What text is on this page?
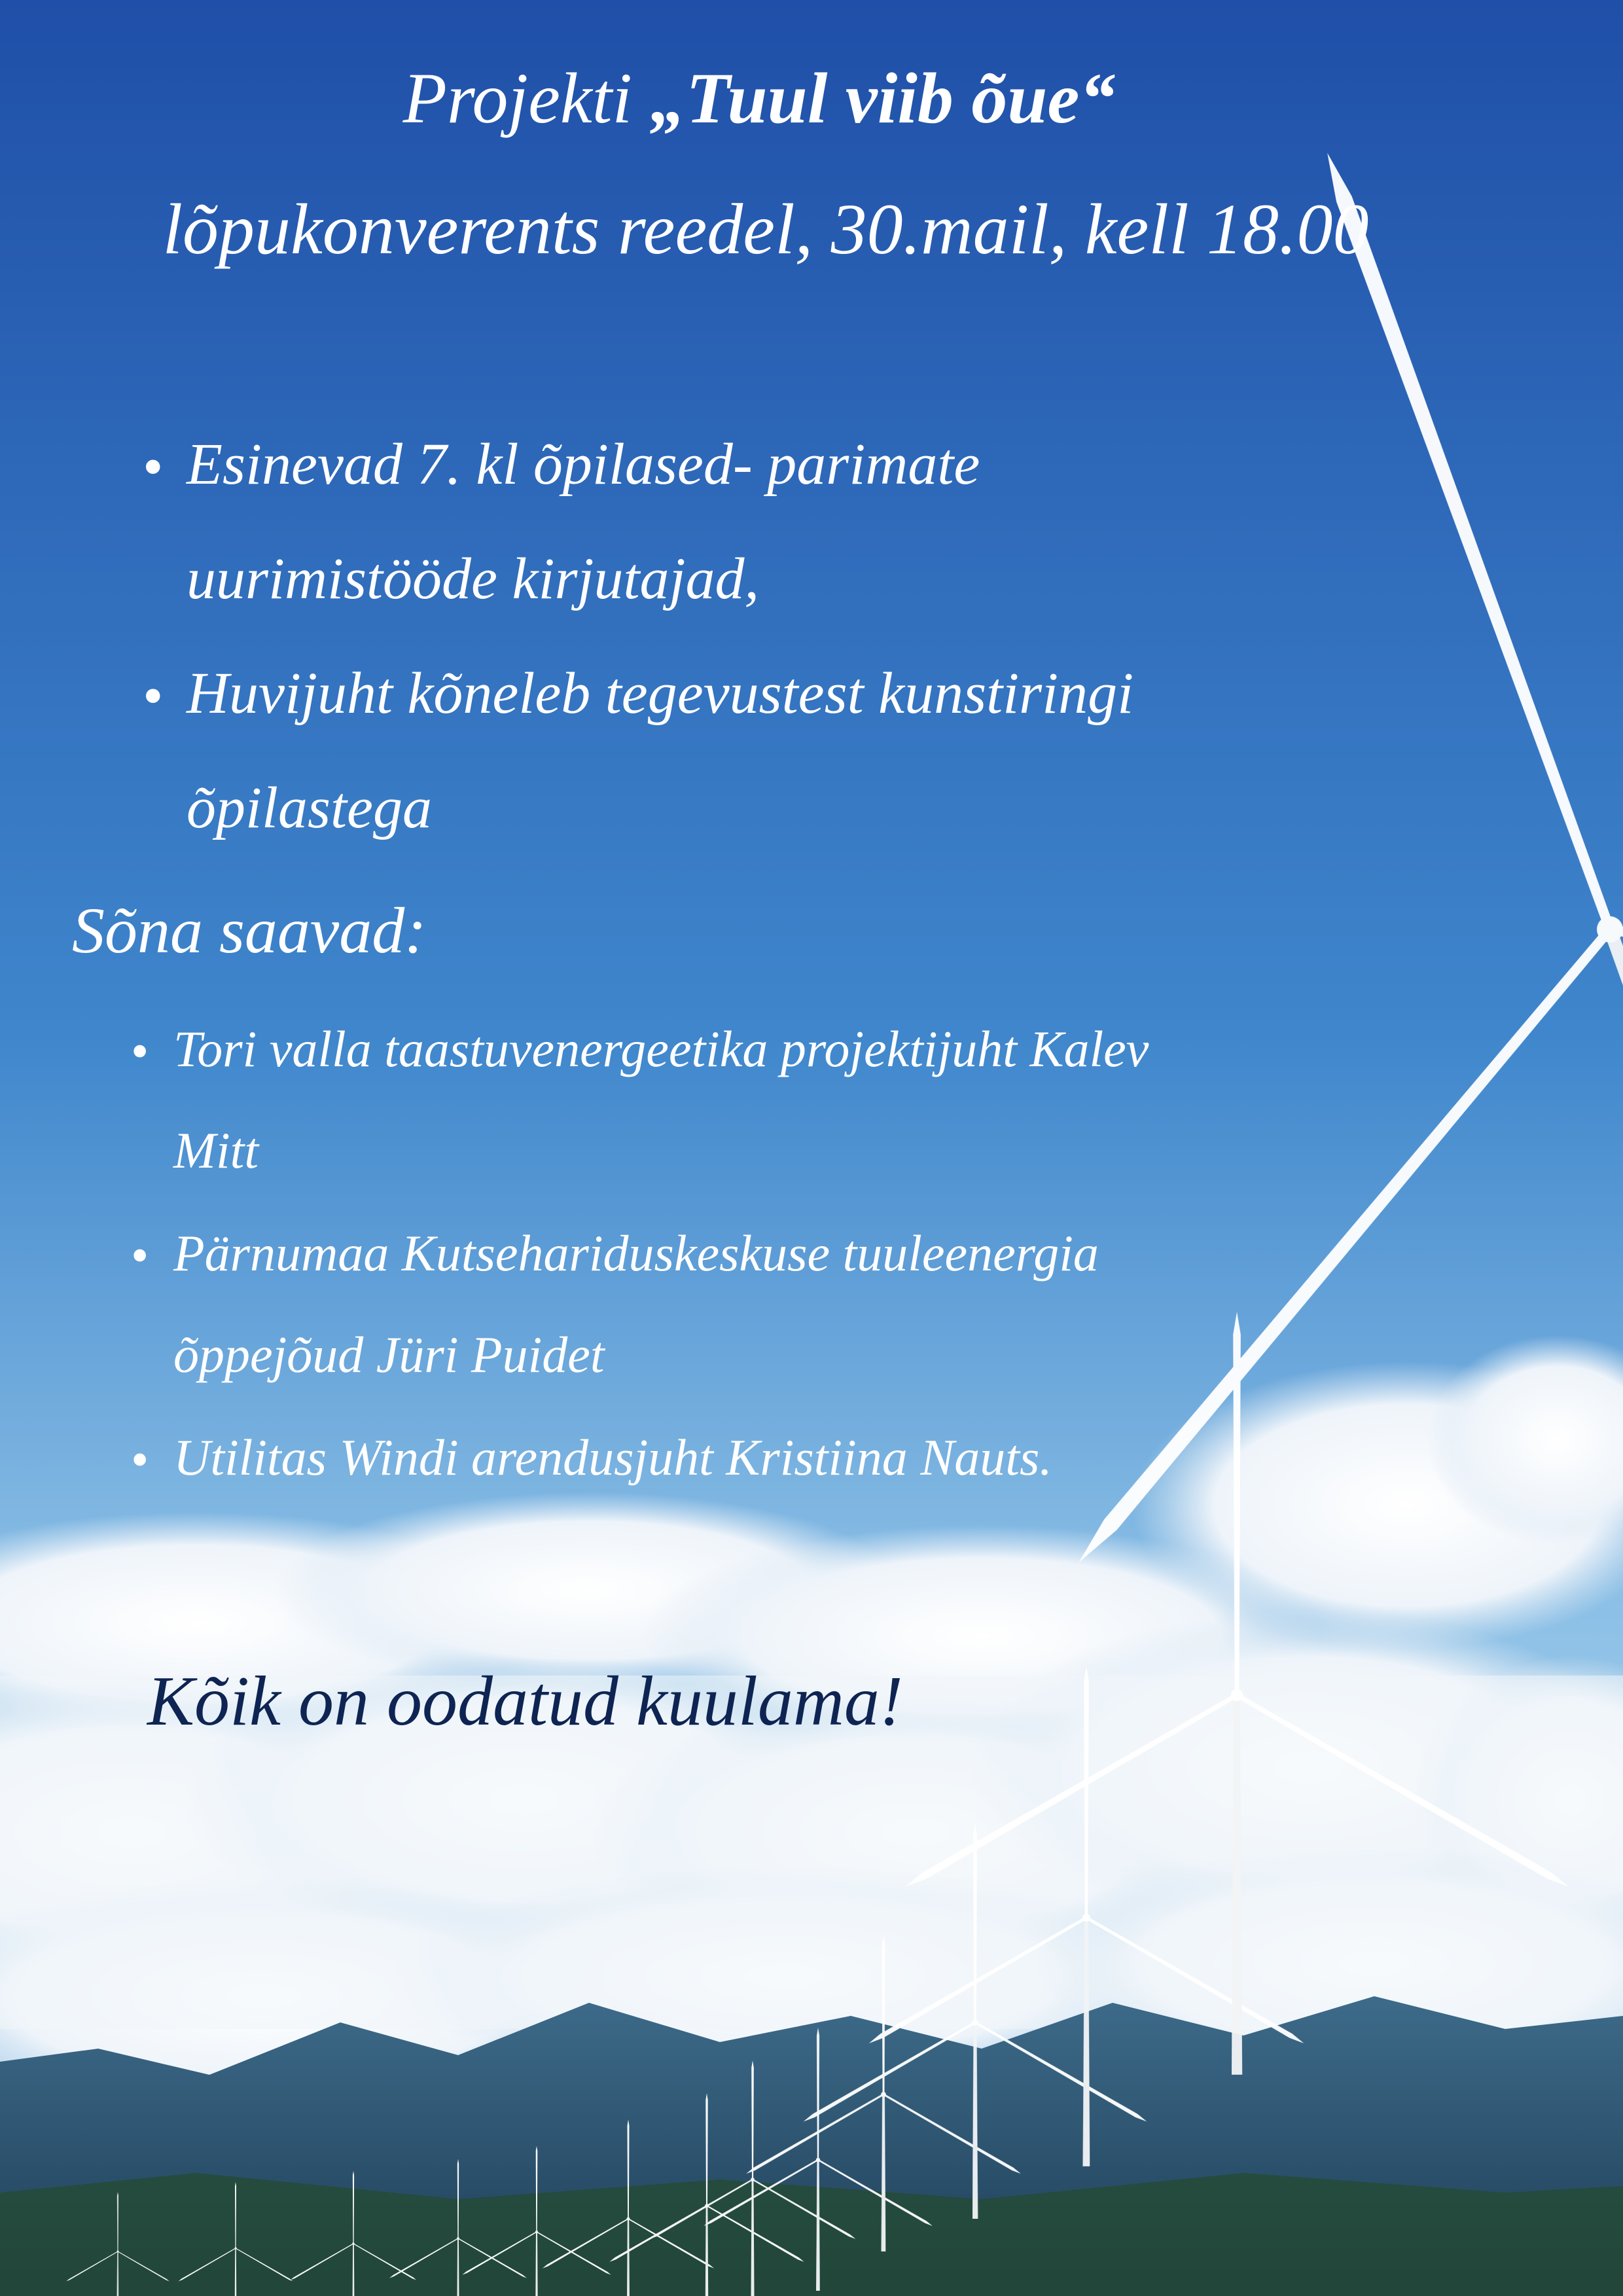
Projekti „Tuul viib õue“

lõpukonverents reedel, 30.mail, kell 18.00

• Esinevad 7. kl õpilased- parimate

uurimistööde kirjutajad,

• Huvijuht kõneleb tegevustest kunstiringi

õpilastega

Sõna saavad:

• Tori valla taastuvenergeetika projektijuht Kalev

Mitt

• Pärnumaa Kutsehariduskeskuse tuuleenergia

õppejõud Jüri Puidet

• Utilitas Windi arendusjuht Kristiina Nauts.

Kõik on oodatud kuulama!
